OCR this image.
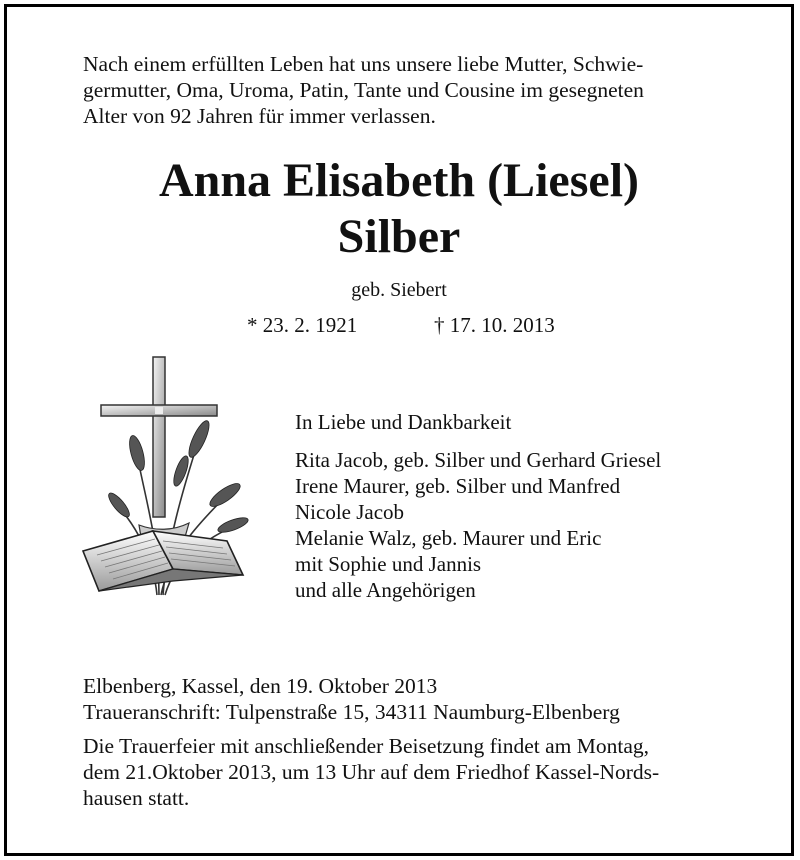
Nach einem erfüllten Leben hat uns unsere liebe Mutter, Schwie-
germutter, Oma, Uroma, Patin, Tante und Cousine im gesegneten
Alter von 92 Jahren für immer verlassen.

Anna Elisabeth (Liesel)
Silber

geb. Siebert

* 23. 2. 1921	† 17. 10. 2013
In Liebe und Dankbarkeit
Rita Jacob, geb. Silber und Gerhard Griesel
Irene Maurer, geb. Silber und Manfred
Nicole Jacob
Melanie Walz, geb. Maurer und Eric
mit Sophie und Jannis
und alle Angehörigen
Elbenberg, Kassel, den 19. Oktober 2013
Traueranschrift: Tulpenstraße 15, 34311 Naumburg-Elbenberg
Die Trauerfeier mit anschließender Beisetzung findet am Montag,
dem 21.Oktober 2013, um 13 Uhr auf dem Friedhof Kassel-Nords-
hausen statt.
